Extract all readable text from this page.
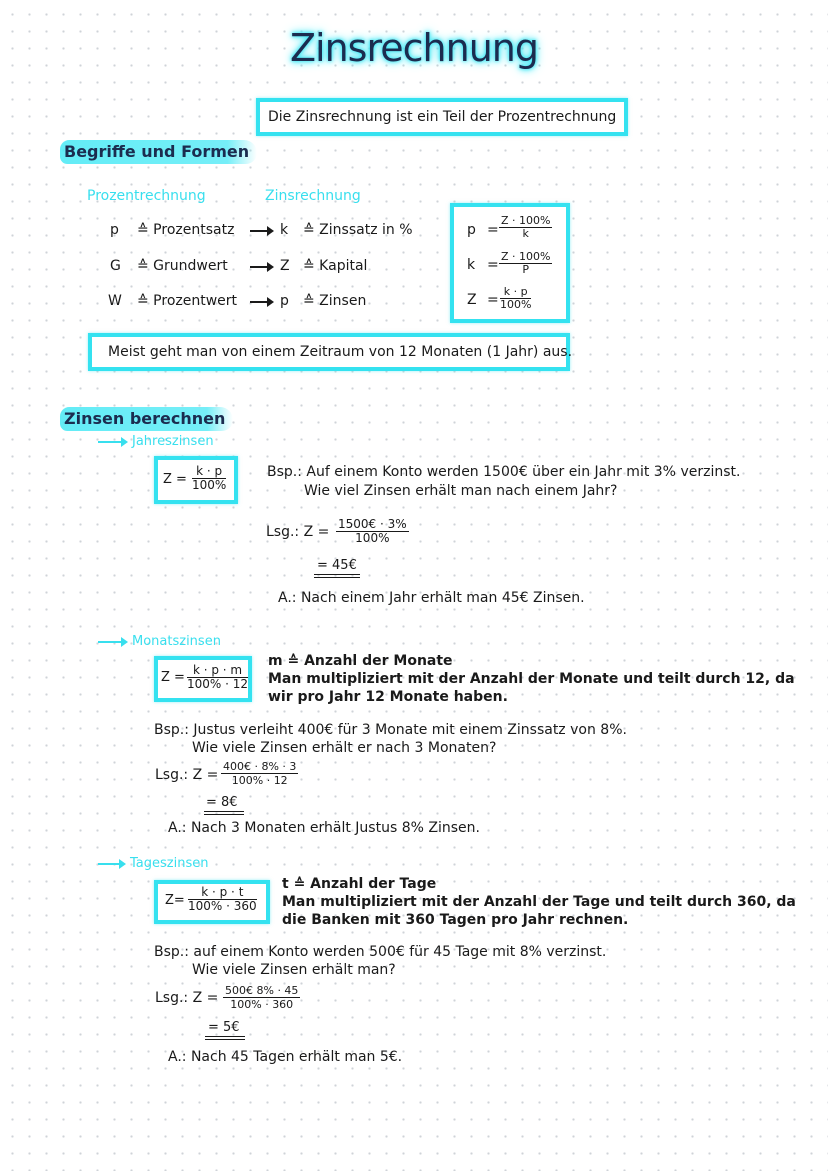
Zinsrechnung
Die Zinsrechnung ist ein Teil der Prozentrechnung
Begriffe und Formen
Prozentrechnung	Zinsrechnung
p ≙ Prozentsatz	k ≙ Zinssatz in %
G ≙ Grundwert	Z ≙ Kapital
W ≙ Prozentwert	p ≙ Zinsen
$p = \frac{Z \cdot 100\%}{k}$
$k = \frac{Z \cdot 100\%}{P}$
$Z = \frac{k \cdot p}{100\%}$
Meist geht man von einem Zeitraum von 12 Monaten (1 Jahr) aus.
Zinsen berechnen
Jahreszinsen
$Z = \frac{k \cdot p}{100\%}$	Bsp.: Auf einem Konto werden 1500€ über ein Jahr mit 3% verzinst.
Wie viel Zinsen erhält man nach einem Jahr?
Lsg.: $Z = \frac{1500€ \cdot 3\%}{100\%}$
= 45€
A.: Nach einem Jahr erhält man 45€ Zinsen.
Monatszinsen
$Z = \frac{k \cdot p \cdot m}{100\% \cdot 12}$
m ≙ Anzahl der Monate
Man multipliziert mit der Anzahl der Monate und teilt durch 12, da
wir pro Jahr 12 Monate haben.
Bsp.: Justus verleiht 400€ für 3 Monate mit einem Zinssatz von 8%.
Wie viele Zinsen erhält er nach 3 Monaten?
Lsg.: $Z = \frac{400€ \cdot 8\% \cdot 3}{100\% \cdot 12}$
= 8€
A.: Nach 3 Monaten erhält Justus 8% Zinsen.
Tageszinsen
$Z= \frac{k \cdot p \cdot t}{100\% \cdot 360}$
t ≙ Anzahl der Tage
Man multipliziert mit der Anzahl der Tage und teilt durch 360, da
die Banken mit 360 Tagen pro Jahr rechnen.
Bsp.: auf einem Konto werden 500€ für 45 Tage mit 8% verzinst.
Wie viele Zinsen erhält man?
Lsg.: $Z = \frac{500€ 8\% \cdot 45}{100\% \cdot 360}$
= 5€
A.: Nach 45 Tagen erhält man 5€.
